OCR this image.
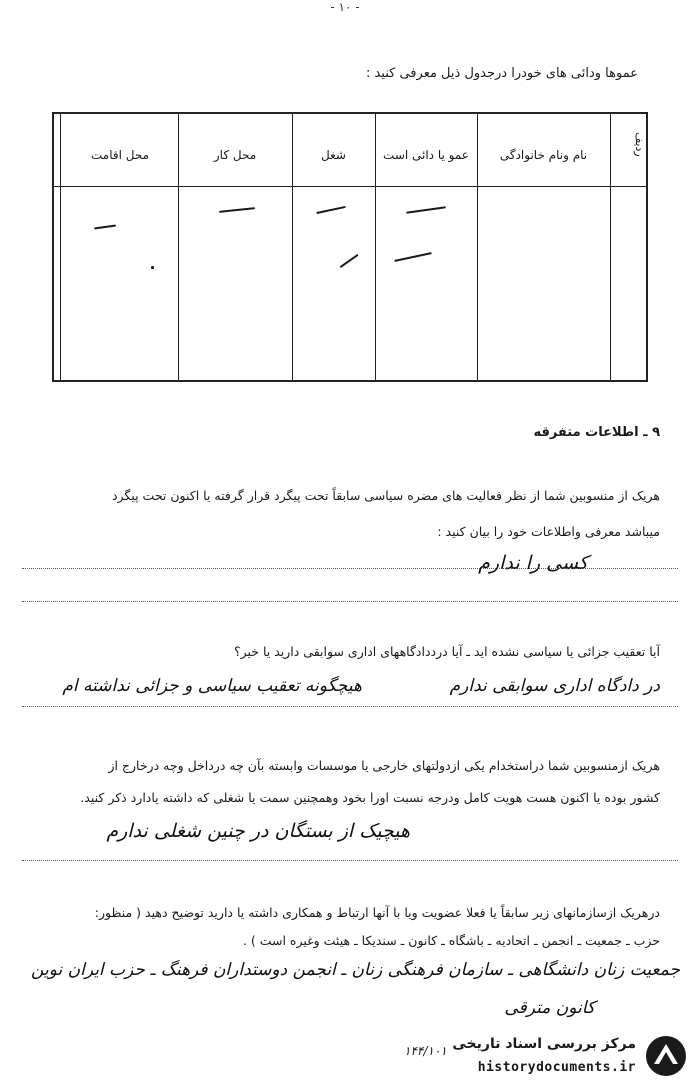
- ۱۰ -
عموها ودائی های خودرا درجدول ذیل معرفی کنید :
ردیف
نام ونام خانوادگی
عمو یا دائی است
شغل
محل کار
محل اقامت
۹ ـ اطلاعات متفرقه
هریک از منسوبین شما از نظر فعالیت های مضره سیاسی سابقاً تحت پیگرد قرار گرفته یا اکنون تحت پیگرد
میباشد معرفی واطلاعات خود را بیان کنید :
کسی را ندارم
آیا تعقیب جزائی یا سیاسی نشده اید ـ آیا درددادگاههای اداری سوابقی دارید یا خیر؟
در دادگاه اداری سوابقی ندارم
هیچگونه تعقیب سیاسی و جزائی نداشته ام
هریک ازمنسوبین شما دراستخدام یکی ازدولتهای خارجی یا موسسات وابسته بآن چه درداخل وچه درخارج از
کشور بوده یا اکنون هست هویت کامل ودرجه نسبت اورا بخود وهمچنین سمت یا شغلی که داشته یادارد ذکر کنید.
هیچیک از بستگان در چنین شغلی ندارم
درهریک ازسازمانهای زیر سابقاً یا فعلا عضویت ویا با آنها ارتباط و همکاری داشته یا دارید توضیح دهید ( منظور:
حزب ـ جمعیت ـ انجمن ـ اتحادیه ـ باشگاه ـ کانون ـ سندیکا ـ هیئت وغیره است ) .
جمعیت زنان دانشگاهی ـ سازمان فرهنگی زنان ـ انجمن دوستداران فرهنگ ـ حزب ایران نوین
کانون مترقی
۱۴۴/۱۰۱ مرکز بررسی اسناد تاریخی
historydocuments.ir
